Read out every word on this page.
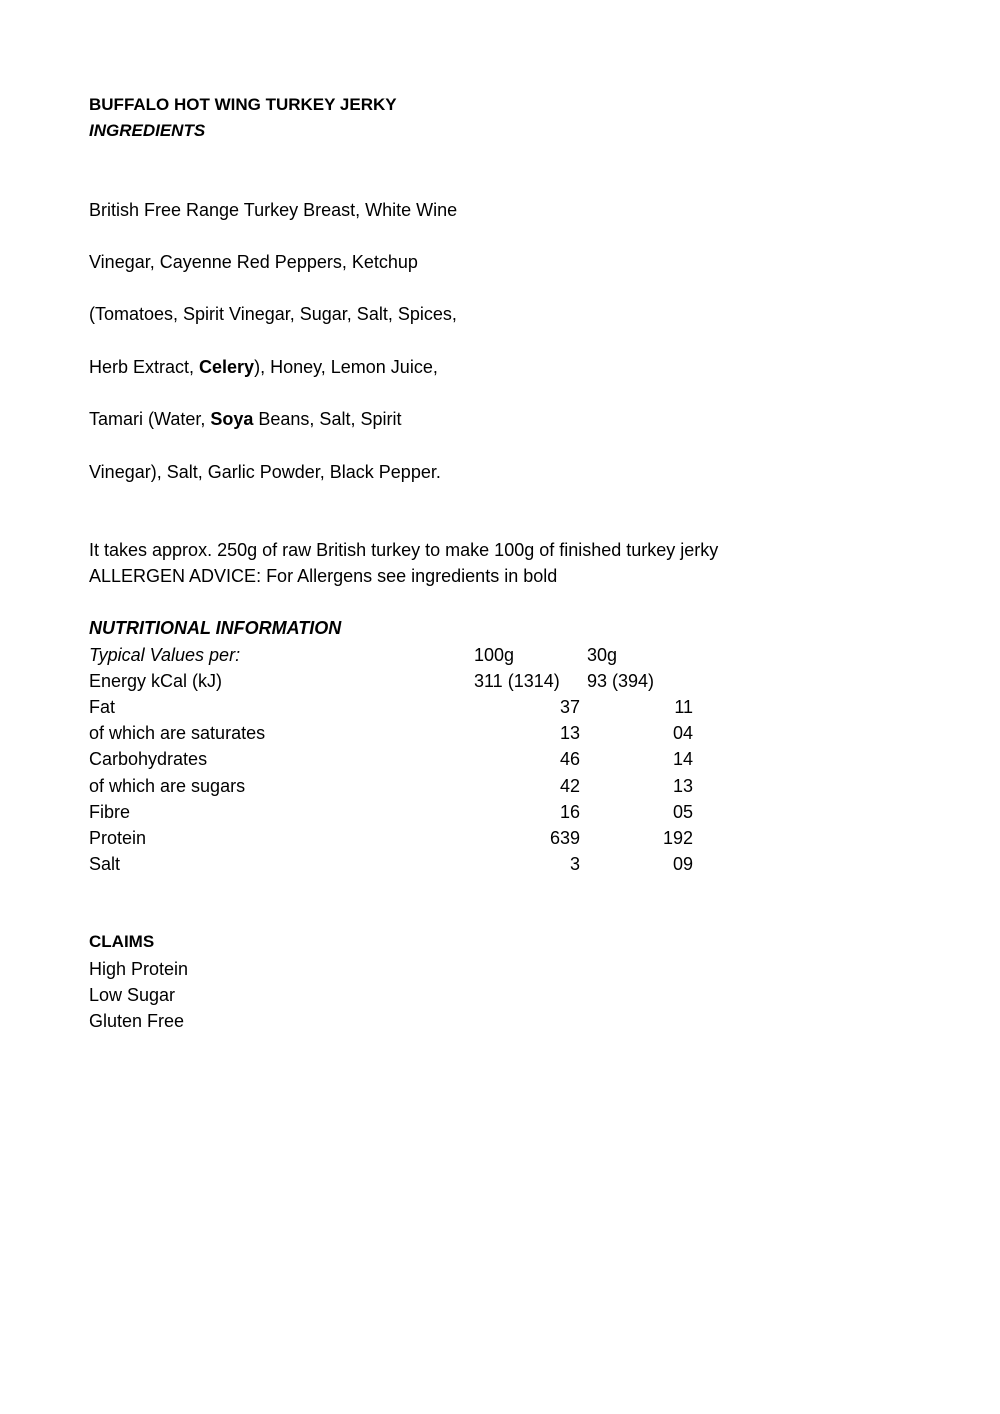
BUFFALO HOT WING TURKEY JERKY

INGREDIENTS

British Free Range Turkey Breast, White Wine

Vinegar, Cayenne Red Peppers, Ketchup

(Tomatoes, Spirit Vinegar, Sugar, Salt, Spices,

Herb Extract, Celery), Honey, Lemon Juice,

Tamari (Water, Soya Beans, Salt, Spirit

Vinegar), Salt, Garlic Powder, Black Pepper.

It takes approx. 250g of raw British turkey to make 100g of finished turkey jerky

ALLERGEN ADVICE: For Allergens see ingredients in bold

NUTRITIONAL INFORMATION
Typical Values per:	100g	30g
Energy kCal (kJ)	311 (1314) 93 (394)
Fat	37	11
of which are saturates	13	04
Carbohydrates	46	14
of which are sugars	42	13
Fibre	16	05
Protein	639	192
Salt	3	09
CLAIMS

High Protein

Low Sugar

Gluten Free
